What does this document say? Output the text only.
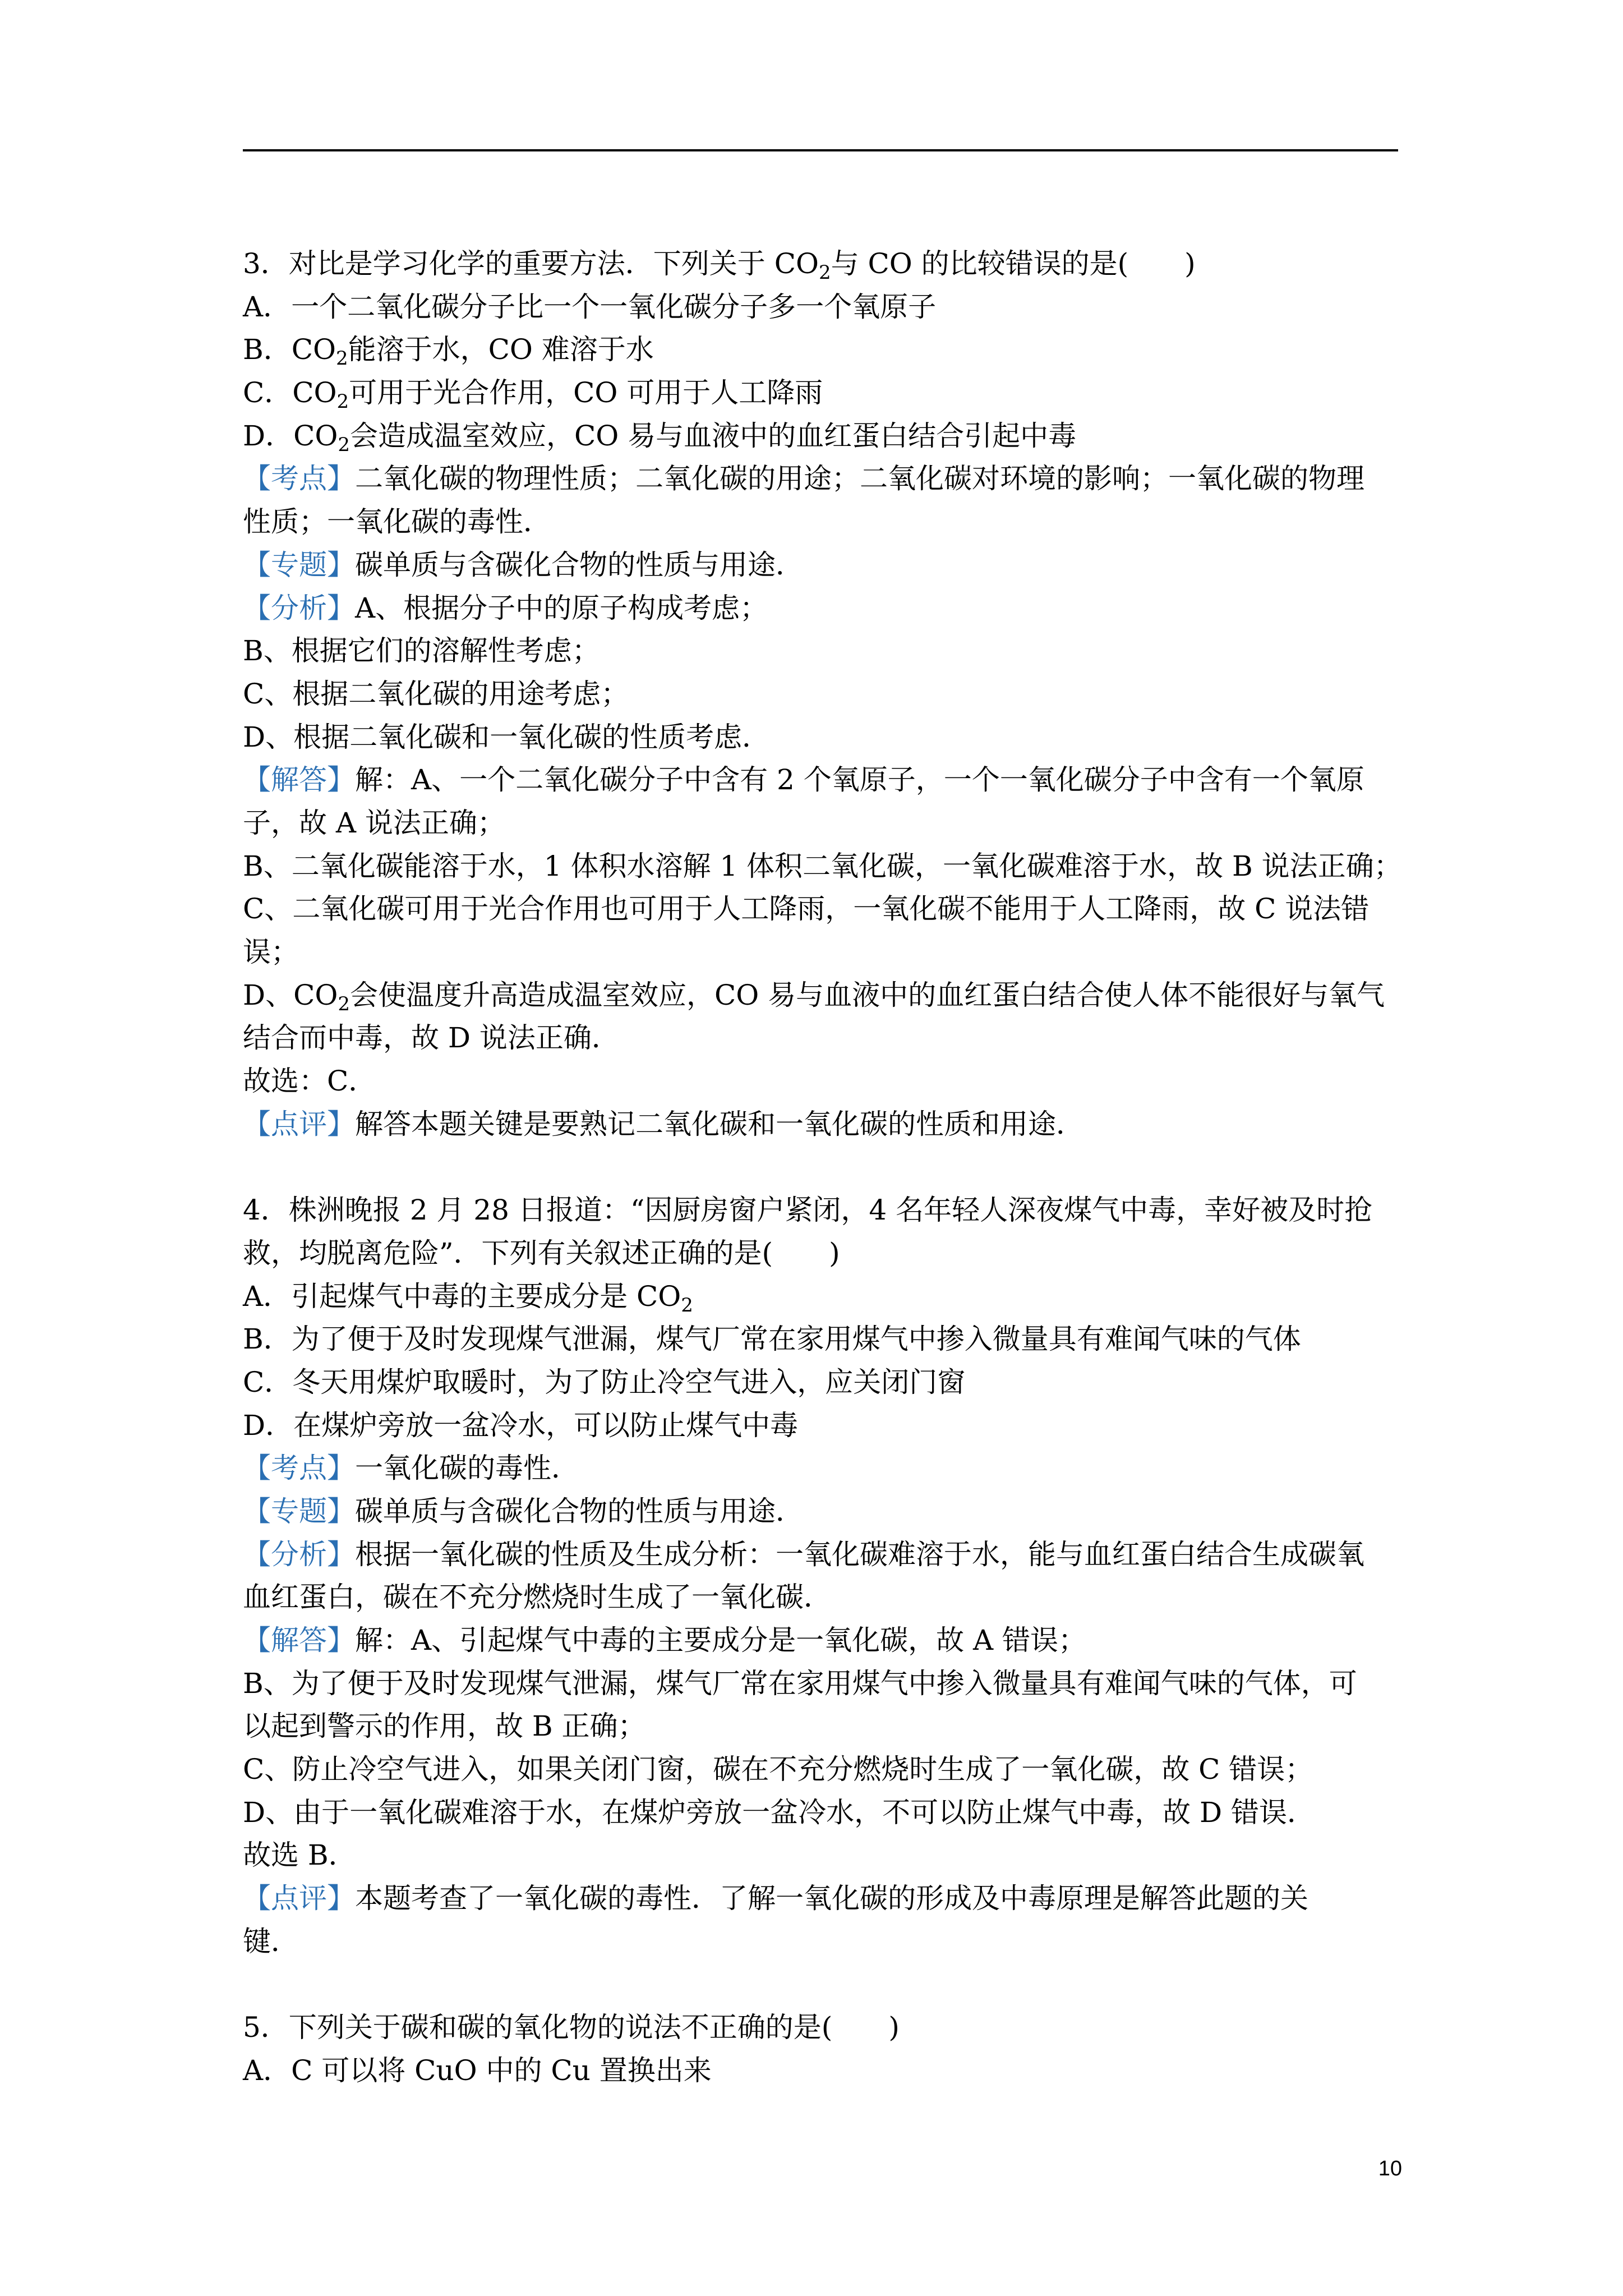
3．对比是学习化学的重要方法．下列关于 $CO_2$与 CO 的比较错误的是(　　)
A．一个二氧化碳分子比一个一氧化碳分子多一个氧原子
B．$CO_2$能溶于水，CO 难溶于水
C．$CO_2$可用于光合作用，CO 可用于人工降雨
D．$CO_2$会造成温室效应，CO 易与血液中的血红蛋白结合引起中毒
【考点】二氧化碳的物理性质；二氧化碳的用途；二氧化碳对环境的影响；一氧化碳的物理
性质；一氧化碳的毒性．
【专题】碳单质与含碳化合物的性质与用途．
【分析】A、根据分子中的原子构成考虑；
B、根据它们的溶解性考虑；
C、根据二氧化碳的用途考虑；
D、根据二氧化碳和一氧化碳的性质考虑．
【解答】解：A、一个二氧化碳分子中含有 2 个氧原子，一个一氧化碳分子中含有一个氧原
子，故 A 说法正确；
B、二氧化碳能溶于水，1 体积水溶解 1 体积二氧化碳，一氧化碳难溶于水，故 B 说法正确；
C、二氧化碳可用于光合作用也可用于人工降雨，一氧化碳不能用于人工降雨，故 C 说法错
误；
D、$CO_2$会使温度升高造成温室效应，CO 易与血液中的血红蛋白结合使人体不能很好与氧气
结合而中毒，故 D 说法正确．
故选：C．
【点评】解答本题关键是要熟记二氧化碳和一氧化碳的性质和用途．
4．株洲晚报 2 月 28 日报道：“因厨房窗户紧闭，4 名年轻人深夜煤气中毒，幸好被及时抢
救，均脱离危险”．下列有关叙述正确的是(　　)
A．引起煤气中毒的主要成分是 $CO_2$
B．为了便于及时发现煤气泄漏，煤气厂常在家用煤气中掺入微量具有难闻气味的气体
C．冬天用煤炉取暖时，为了防止冷空气进入，应关闭门窗
D．在煤炉旁放一盆冷水，可以防止煤气中毒
【考点】一氧化碳的毒性．
【专题】碳单质与含碳化合物的性质与用途．
【分析】根据一氧化碳的性质及生成分析：一氧化碳难溶于水，能与血红蛋白结合生成碳氧
血红蛋白，碳在不充分燃烧时生成了一氧化碳．
【解答】解：A、引起煤气中毒的主要成分是一氧化碳，故 A 错误；
B、为了便于及时发现煤气泄漏，煤气厂常在家用煤气中掺入微量具有难闻气味的气体，可
以起到警示的作用，故 B 正确；
C、防止冷空气进入，如果关闭门窗，碳在不充分燃烧时生成了一氧化碳，故 C 错误；
D、由于一氧化碳难溶于水，在煤炉旁放一盆冷水，不可以防止煤气中毒，故 D 错误．
故选 B．
【点评】本题考查了一氧化碳的毒性．了解一氧化碳的形成及中毒原理是解答此题的关
键．
5．下列关于碳和碳的氧化物的说法不正确的是(　　)
A．C 可以将 CuO 中的 Cu 置换出来
10
